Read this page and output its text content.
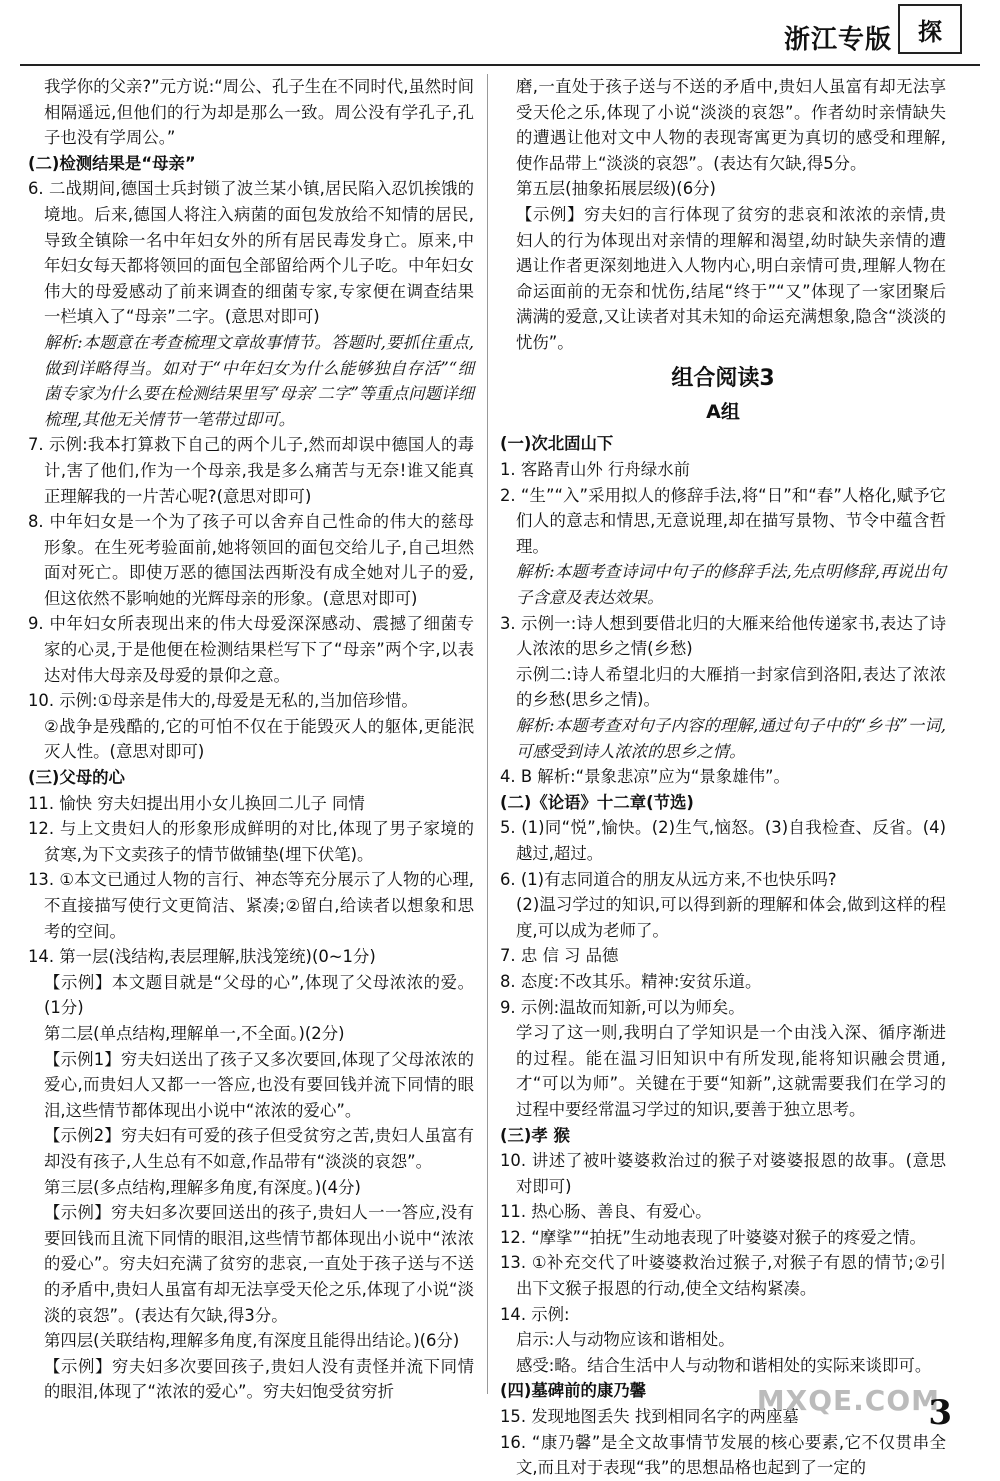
浙江专版	探

我学你的父亲?”元方说:“周公、孔子生在不同时代,虽然时间相隔遥远,但他们的行为却是那么一致。周公没有学孔子,孔子也没有学周公。”

(二)检测结果是“母亲”

6. 二战期间,德国士兵封锁了波兰某小镇,居民陷入忍饥挨饿的境地。后来,德国人将注入病菌的面包发放给不知情的居民,导致全镇除一名中年妇女外的所有居民毒发身亡。原来,中年妇女每天都将领回的面包全部留给两个儿子吃。中年妇女伟大的母爱感动了前来调查的细菌专家,专家便在调查结果一栏填入了“母亲”二字。(意思对即可)

解析:本题意在考查梳理文章故事情节。答题时,要抓住重点,做到详略得当。如对于“中年妇女为什么能够独自存活”“细菌专家为什么要在检测结果里写‘母亲’二字”等重点问题详细梳理,其他无关情节一笔带过即可。

7. 示例:我本打算救下自己的两个儿子,然而却误中德国人的毒计,害了他们,作为一个母亲,我是多么痛苦与无奈!谁又能真正理解我的一片苦心呢?(意思对即可)

8. 中年妇女是一个为了孩子可以舍弃自己性命的伟大的慈母形象。在生死考验面前,她将领回的面包交给儿子,自己坦然面对死亡。即使万恶的德国法西斯没有成全她对儿子的爱,但这依然不影响她的光辉母亲的形象。(意思对即可)

9. 中年妇女所表现出来的伟大母爱深深感动、震撼了细菌专家的心灵,于是他便在检测结果栏写下了“母亲”两个字,以表达对伟大母亲及母爱的景仰之意。

10. 示例:①母亲是伟大的,母爱是无私的,当加倍珍惜。

②战争是残酷的,它的可怕不仅在于能毁灭人的躯体,更能泯灭人性。(意思对即可)

(三)父母的心

11. 愉快 穷夫妇提出用小女儿换回二儿子 同情

12. 与上文贵妇人的形象形成鲜明的对比,体现了男子家境的贫寒,为下文卖孩子的情节做铺垫(埋下伏笔)。

13. ①本文已通过人物的言行、神态等充分展示了人物的心理,不直接描写使行文更简洁、紧凑;②留白,给读者以想象和思考的空间。

14. 第一层(浅结构,表层理解,肤浅笼统)(0~1分)

【示例】本文题目就是“父母的心”,体现了父母浓浓的爱。(1分)

第二层(单点结构,理解单一,不全面。)(2分)

【示例1】穷夫妇送出了孩子又多次要回,体现了父母浓浓的爱心,而贵妇人又都一一答应,也没有要回钱并流下同情的眼泪,这些情节都体现出小说中“浓浓的爱心”。

【示例2】穷夫妇有可爱的孩子但受贫穷之苦,贵妇人虽富有却没有孩子,人生总有不如意,作品带有“淡淡的哀怨”。

第三层(多点结构,理解多角度,有深度。)(4分)

【示例】穷夫妇多次要回送出的孩子,贵妇人一一答应,没有要回钱而且流下同情的眼泪,这些情节都体现出小说中“浓浓的爱心”。穷夫妇充满了贫穷的悲哀,一直处于孩子送与不送的矛盾中,贵妇人虽富有却无法享受天伦之乐,体现了小说“淡淡的哀怨”。(表达有欠缺,得3分。

第四层(关联结构,理解多角度,有深度且能得出结论。)(6分)

【示例】穷夫妇多次要回孩子,贵妇人没有责怪并流下同情的眼泪,体现了“浓浓的爱心”。穷夫妇饱受贫穷折

磨,一直处于孩子送与不送的矛盾中,贵妇人虽富有却无法享受天伦之乐,体现了小说“淡淡的哀怨”。作者幼时亲情缺失的遭遇让他对文中人物的表现寄寓更为真切的感受和理解,使作品带上“淡淡的哀怨”。(表达有欠缺,得5分。

第五层(抽象拓展层级)(6分)

【示例】穷夫妇的言行体现了贫穷的悲哀和浓浓的亲情,贵妇人的行为体现出对亲情的理解和渴望,幼时缺失亲情的遭遇让作者更深刻地进入人物内心,明白亲情可贵,理解人物在命运面前的无奈和忧伤,结尾“终于”“又”体现了一家团聚后满满的爱意,又让读者对其未知的命运充满想象,隐含“淡淡的忧伤”。

组合阅读3
A组

(一)次北固山下

1. 客路青山外 行舟绿水前

2. “生”“入”采用拟人的修辞手法,将“日”和“春”人格化,赋予它们人的意志和情思,无意说理,却在描写景物、节令中蕴含哲理。

解析:本题考查诗词中句子的修辞手法,先点明修辞,再说出句子含意及表达效果。

3. 示例一:诗人想到要借北归的大雁来给他传递家书,表达了诗人浓浓的思乡之情(乡愁)

示例二:诗人希望北归的大雁捎一封家信到洛阳,表达了浓浓的乡愁(思乡之情)。

解析:本题考查对句子内容的理解,通过句子中的“乡书”一词,可感受到诗人浓浓的思乡之情。

4. B 解析:“景象悲凉”应为“景象雄伟”。

(二)《论语》十二章(节选)

5. (1)同“悦”,愉快。(2)生气,恼怒。(3)自我检查、反省。(4)越过,超过。

6. (1)有志同道合的朋友从远方来,不也快乐吗?

(2)温习学过的知识,可以得到新的理解和体会,做到这样的程度,可以成为老师了。

7. 忠 信 习 品德

8. 态度:不改其乐。精神:安贫乐道。

9. 示例:温故而知新,可以为师矣。

学习了这一则,我明白了学知识是一个由浅入深、循序渐进的过程。能在温习旧知识中有所发现,能将知识融会贯通,才“可以为师”。关键在于要“知新”,这就需要我们在学习的过程中要经常温习学过的知识,要善于独立思考。

(三)孝 猴

10. 讲述了被叶婆婆救治过的猴子对婆婆报恩的故事。(意思对即可)

11. 热心肠、善良、有爱心。

12. “摩挲”“拍抚”生动地表现了叶婆婆对猴子的疼爱之情。

13. ①补充交代了叶婆婆救治过猴子,对猴子有恩的情节;②引出下文猴子报恩的行动,使全文结构紧凑。

14. 示例:

启示:人与动物应该和谐相处。

感受:略。结合生活中人与动物和谐相处的实际来谈即可。

(四)墓碑前的康乃馨

15. 发现地图丢失 找到相同名字的两座墓

16. “康乃馨”是全文故事情节发展的核心要素,它不仅贯串全文,而且对于表现“我”的思想品格也起到了一定的

MXQE.COM
3
